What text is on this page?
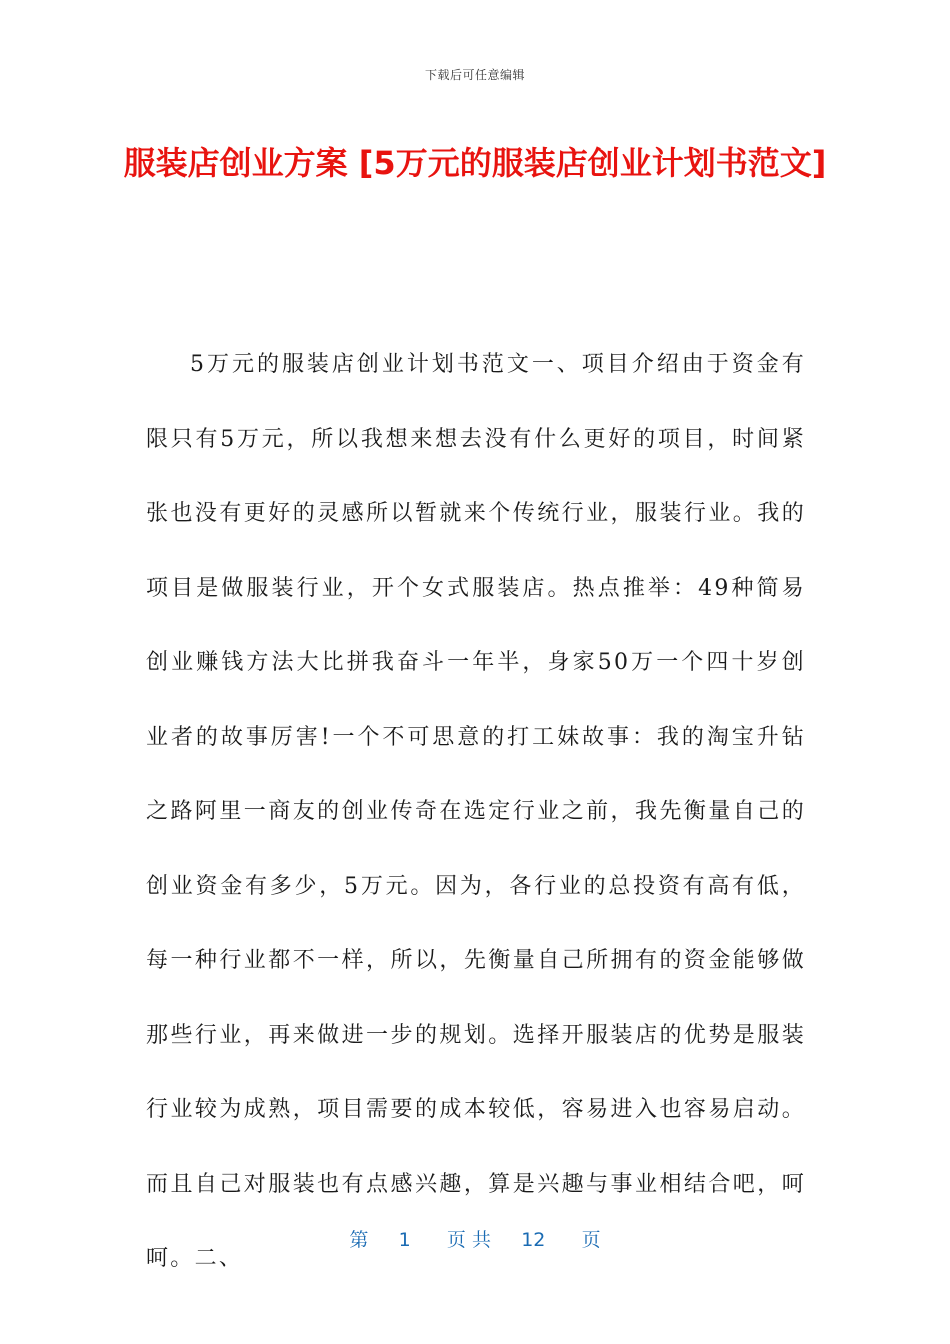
下载后可任意编辑
服装店创业方案 [5万元的服装店创业计划书范文]

5万元的服装店创业计划书范文一、项目介绍由于资金有限只有5万元，所以我想来想去没有什么更好的项目，时间紧张也没有更好的灵感所以暂就来个传统行业，服装行业。我的项目是做服装行业，开个女式服装店。热点推举：49种简易创业赚钱方法大比拼我奋斗一年半，身家50万一个四十岁创业者的故事厉害!一个不可思意的打工妹故事：我的淘宝升钻之路阿里一商友的创业传奇在选定行业之前，我先衡量自己的创业资金有多少，5万元。因为，各行业的总投资有高有低，每一种行业都不一样，所以，先衡量自己所拥有的资金能够做那些行业，再来做进一步的规划。选择开服装店的优势是服装行业较为成熟，项目需要的成本较低，容易进入也容易启动。而且自己对服装也有点感兴趣，算是兴趣与事业相结合吧，呵呵。二、

第 1 页 共 12 页
